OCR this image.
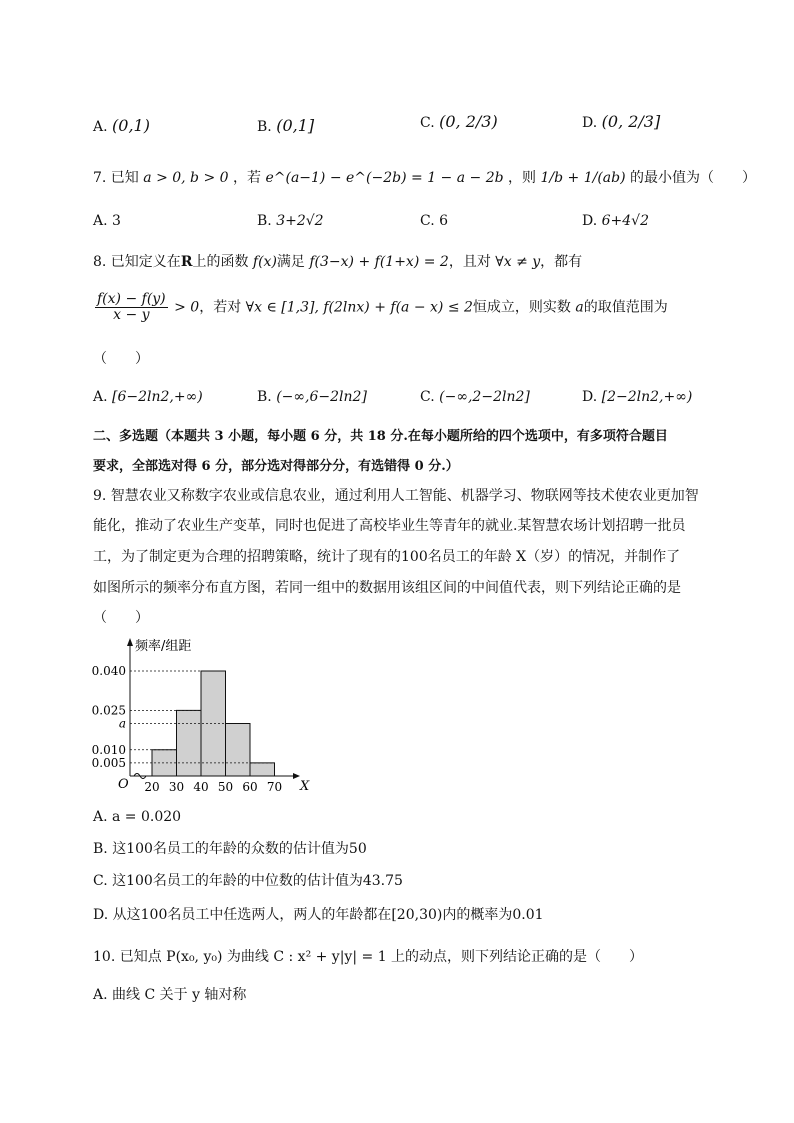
A. (0,1)	B. (0,1]	C. (0, 2/3)	D. (0, 2/3]
7. 已知 a > 0, b > 0 ，若 e^(a−1) − e^(−2b) = 1 − a − 2b ，则 1/b + 1/(ab) 的最小值为（　　）
A. 3	B. 3+2√2	C. 6	D. 6+4√2
8. 已知定义在R上的函数 f(x)满足 f(3−x) + f(1+x) = 2，且对 ∀x ≠ y，都有
$\frac{f(x) - f(y)}{x - y} > 0$，若对 ∀x ∈ [1,3], f(2lnx) + f(a − x) ≤ 2恒成立，则实数 a的取值范围为
（　　）
A. [6−2ln2,+∞)	B. (−∞,6−2ln2]	C. (−∞,2−2ln2]	D. [2−2ln2,+∞)
二、多选题（本题共 3 小题，每小题 6 分，共 18 分.在每小题所给的四个选项中，有多项符合题目
要求，全部选对得 6 分，部分选对得部分分，有选错得 0 分.）
9. 智慧农业又称数字农业或信息农业，通过利用人工智能、机器学习、物联网等技术使农业更加智
能化，推动了农业生产变革，同时也促进了高校毕业生等青年的就业.某智慧农场计划招聘一批员
工，为了制定更为合理的招聘策略，统计了现有的100名员工的年龄 X（岁）的情况，并制作了
如图所示的频率分布直方图，若同一组中的数据用该组区间的中间值代表，则下列结论正确的是
（　　）
频率/组距
X
O
0.040
0.025
a
0.010
0.005
20 30 40 50 60 70
A. a = 0.020
B. 这100名员工的年龄的众数的估计值为50
C. 这100名员工的年龄的中位数的估计值为43.75
D. 从这100名员工中任选两人，两人的年龄都在[20,30)内的概率为0.01
10. 已知点 P(x₀, y₀) 为曲线 C : x² + y|y| = 1 上的动点，则下列结论正确的是（　　）
A. 曲线 C 关于 y 轴对称
